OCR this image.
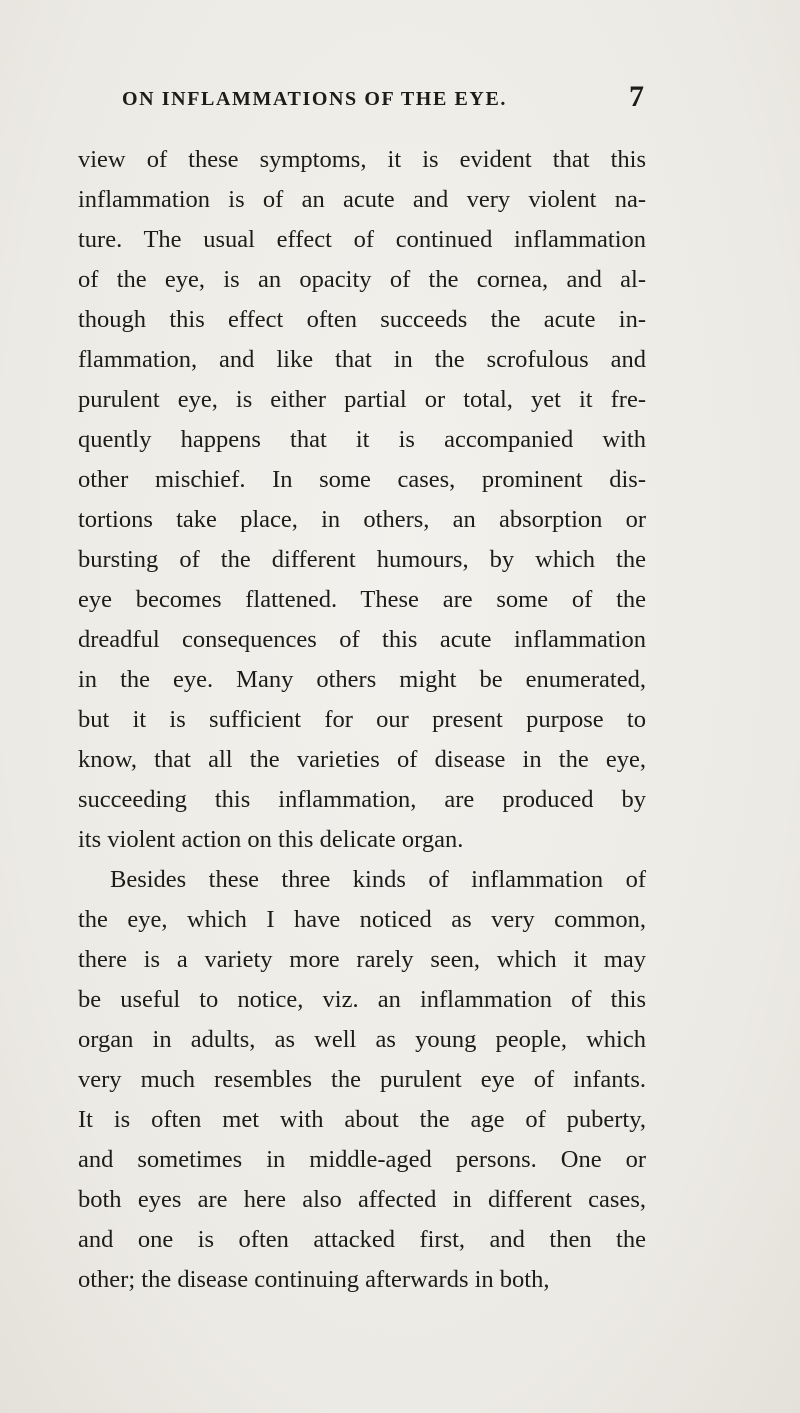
ON INFLAMMATIONS OF THE EYE.	7
view of these symptoms, it is evident that this
inflammation is of an acute and very violent na-
ture. The usual effect of continued inflammation
of the eye, is an opacity of the cornea, and al-
though this effect often succeeds the acute in-
flammation, and like that in the scrofulous and
purulent eye, is either partial or total, yet it fre-
quently happens that it is accompanied with
other mischief. In some cases, prominent dis-
tortions take place, in others, an absorption or
bursting of the different humours, by which the
eye becomes flattened. These are some of the
dreadful consequences of this acute inflammation
in the eye. Many others might be enumerated,
but it is sufficient for our present purpose to
know, that all the varieties of disease in the eye,
succeeding this inflammation, are produced by
its violent action on this delicate organ.
Besides these three kinds of inflammation of
the eye, which I have noticed as very common,
there is a variety more rarely seen, which it may
be useful to notice, viz. an inflammation of this
organ in adults, as well as young people, which
very much resembles the purulent eye of infants.
It is often met with about the age of puberty,
and sometimes in middle-aged persons. One or
both eyes are here also affected in different cases,
and one is often attacked first, and then the
other; the disease continuing afterwards in both,
